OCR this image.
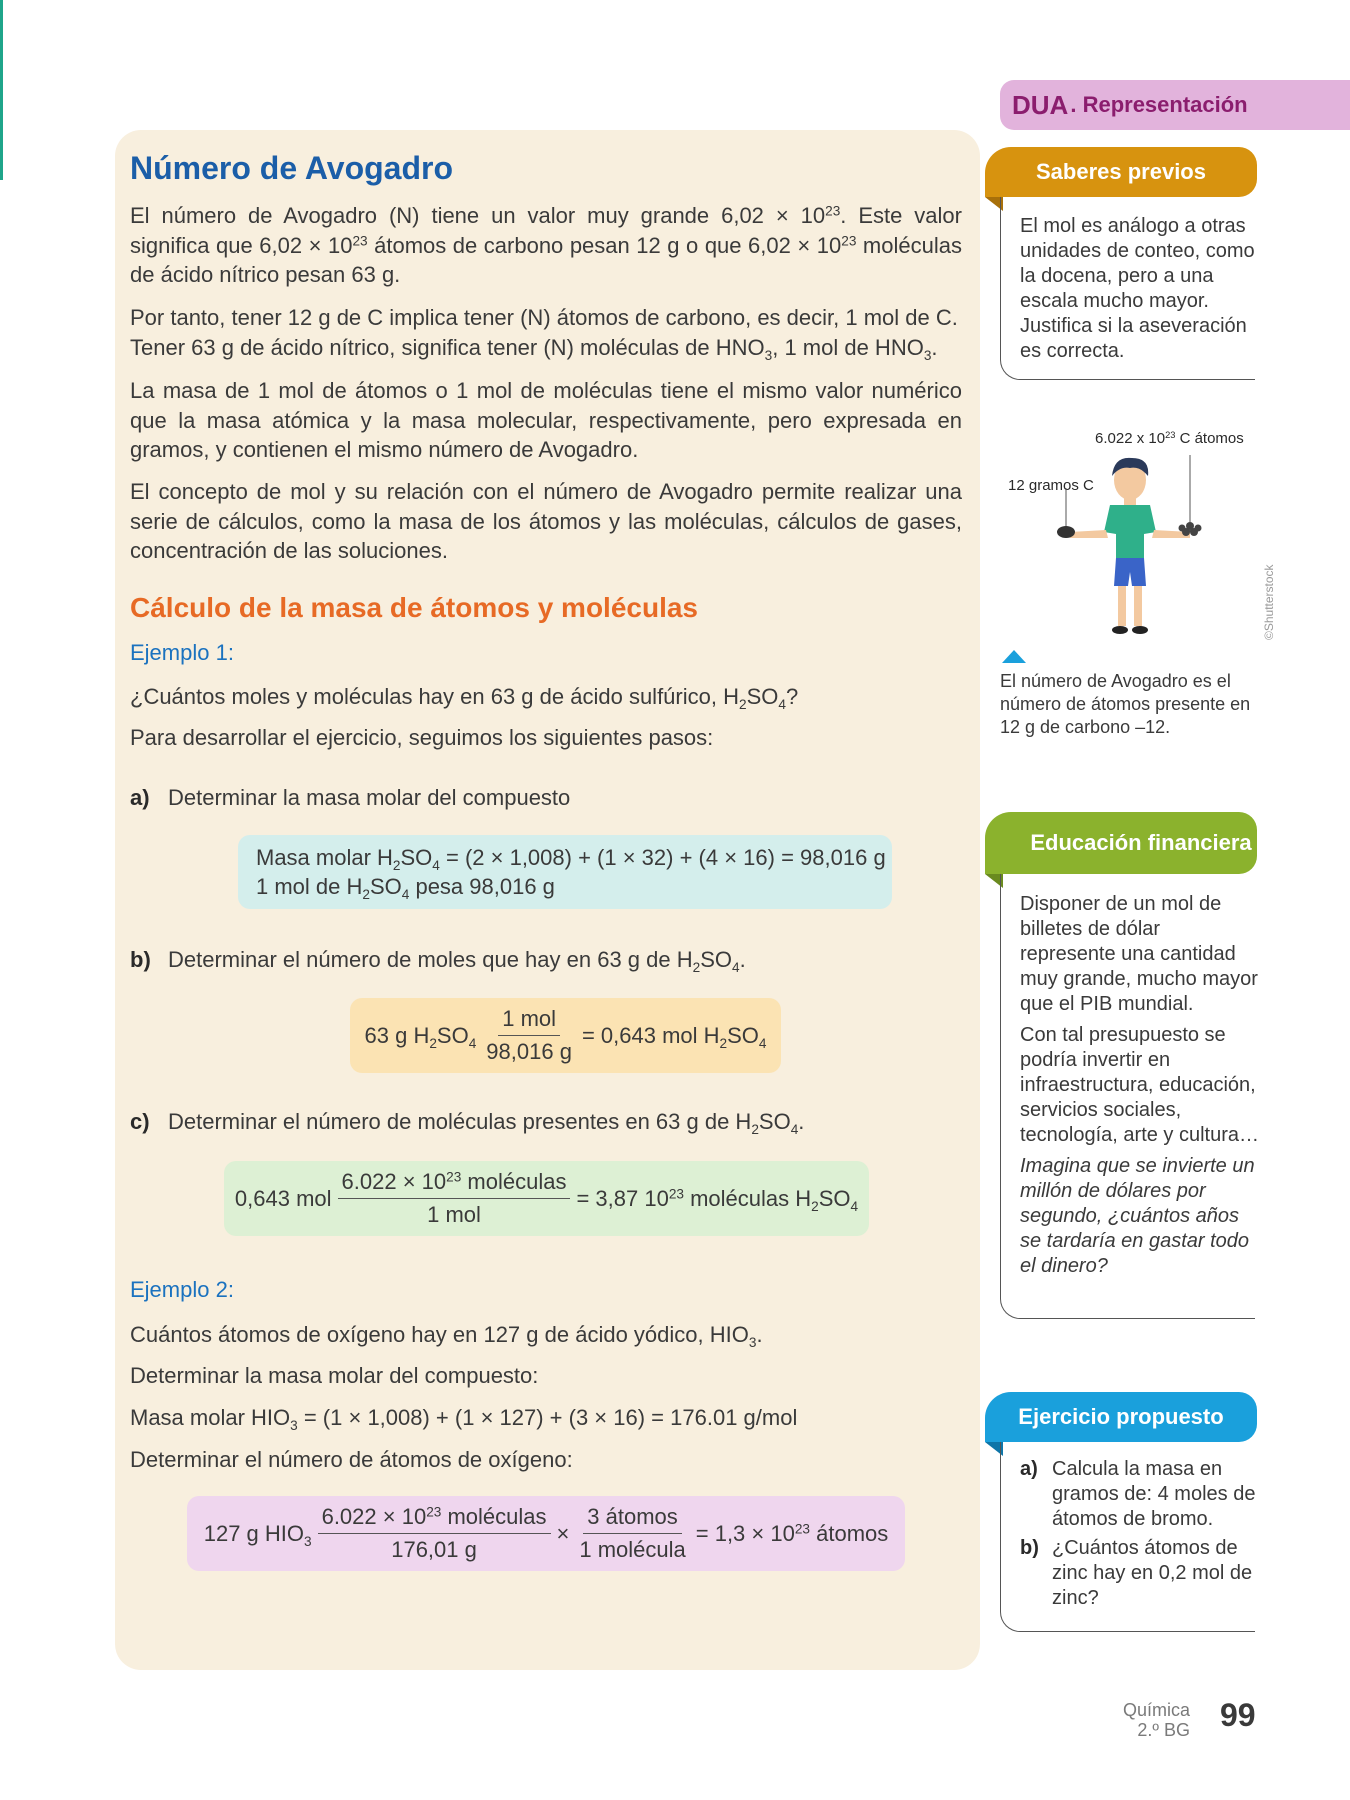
Número de Avogadro
El número de Avogadro (N) tiene un valor muy grande $6,02 \times 10^{23}$. Este valor significa que $6,02 \times 10^{23}$ átomos de carbono pesan 12 g o que $6,02 \times 10^{23}$ moléculas de ácido nítrico pesan 63 g.
Por tanto, tener 12 g de C implica tener (N) átomos de carbono, es decir, 1 mol de C. Tener 63 g de ácido nítrico, significa tener (N) moléculas de $HNO_3$, 1 mol de $HNO_3$.
La masa de 1 mol de átomos o 1 mol de moléculas tiene el mismo valor numérico que la masa atómica y la masa molecular, respectivamente, pero expresada en gramos, y contienen el mismo número de Avogadro.
El concepto de mol y su relación con el número de Avogadro permite realizar una serie de cálculos, como la masa de los átomos y las moléculas, cálculos de gases, concentración de las soluciones.
Cálculo de la masa de átomos y moléculas
Ejemplo 1:
¿Cuántos moles y moléculas hay en 63 g de ácido sulfúrico, $H_2SO_4$?
Para desarrollar el ejercicio, seguimos los siguientes pasos:
a) Determinar la masa molar del compuesto
Masa molar $H_2SO_4 = (2 \times 1,008) + (1 \times 32) + (4 \times 16) = 98,016$ g
1 mol de $H_2SO_4$ pesa 98,016 g
b) Determinar el número de moles que hay en 63 g de $H_2SO_4$.
63 g $H_2SO_4 \frac{\text{1 mol}}{98,016 g} = 0,643$ mol $H_2SO_4$
c) Determinar el número de moléculas presentes en 63 g de $H_2SO_4$.
0,643 mol $\frac{6.022 \times 10^{23} moléculas}{\text{1 mol}} = 3,87$ $10^{23}$ moléculas $H_2SO_4$
Ejemplo 2:
Cuántos átomos de oxígeno hay en 127 g de ácido yódico, $HIO_3$.
Determinar la masa molar del compuesto:
Masa molar $HIO_3 = (1 \times 1,008) + (1 \times 127) + (3 \times 16) = 176.01$ g/mol
Determinar el número de átomos de oxígeno:
127 g $HIO_3 \frac{6.022 \times 10^{23} moléculas}{176,01 g} \times \frac{\text{3 átomos}}{\text{1 molécula}} = 1,3 \times 10^{23}$ átomos
DUA . Representación
Saberes previos
El mol es análogo a otras unidades de conteo, como la docena, pero a una escala mucho mayor. Justifica si la aseveración es correcta.
6.022 x $10^{23}$ C átomos
12 gramos C
©Shutterstock
El número de Avogadro es el número de átomos presente en 12 g de carbono –12.
Educación financiera

Disponer de un mol de billetes de dólar represente una cantidad muy grande, mucho mayor que el PIB mundial.

Con tal presupuesto se podría invertir en infraestructura, educación, servicios sociales, tecnología, arte y cultura…

Imagina que se invierte un millón de dólares por segundo, ¿cuántos años se tardaría en gastar todo el dinero?

Ejercicio propuesto
a) Calcula la masa en gramos de: 4 moles de átomos de bromo.
b) ¿Cuántos átomos de zinc hay en 0,2 mol de zinc?
Química
2.º BG 99
